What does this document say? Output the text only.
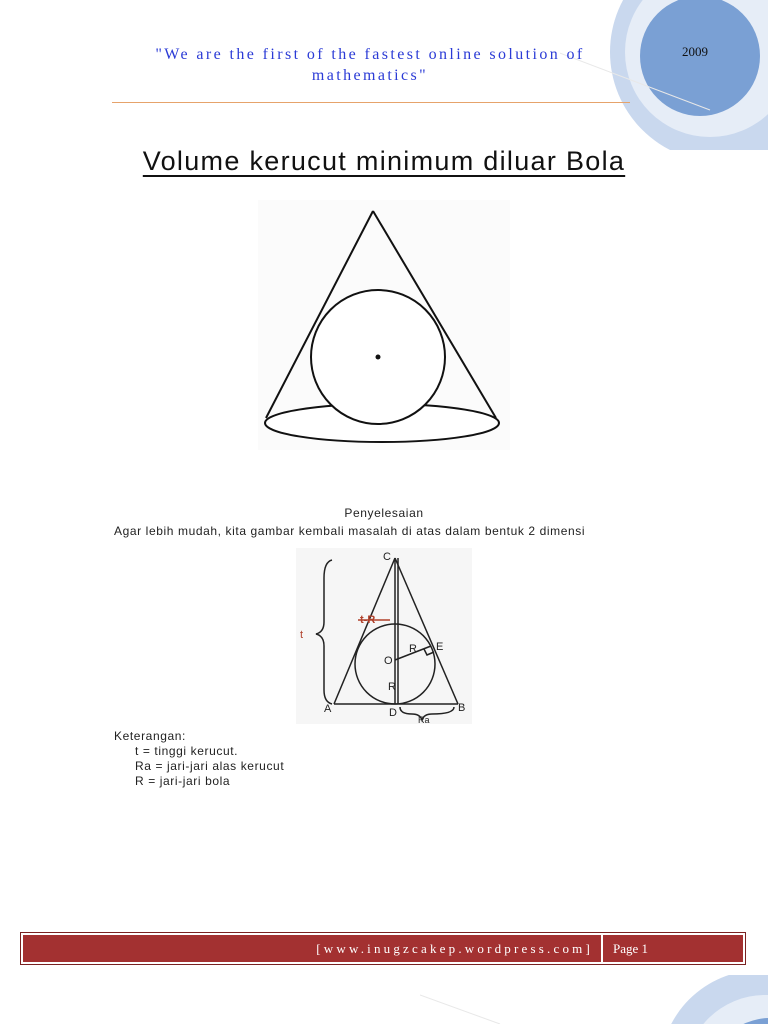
"We are the first of the fastest online solution of
mathematics"
2009
Volume kerucut minimum diluar Bola
Penyelesaian
Agar lebih mudah, kita gambar kembali masalah di atas dalam bentuk 2 dimensi
C
t-R
E
t
O
R
R
A	D	B
Ra
Keterangan:
t = tinggi kerucut.
Ra = jari-jari alas kerucut
R = jari-jari bola
[www.inugzcakep.wordpress.com]	Page 1
